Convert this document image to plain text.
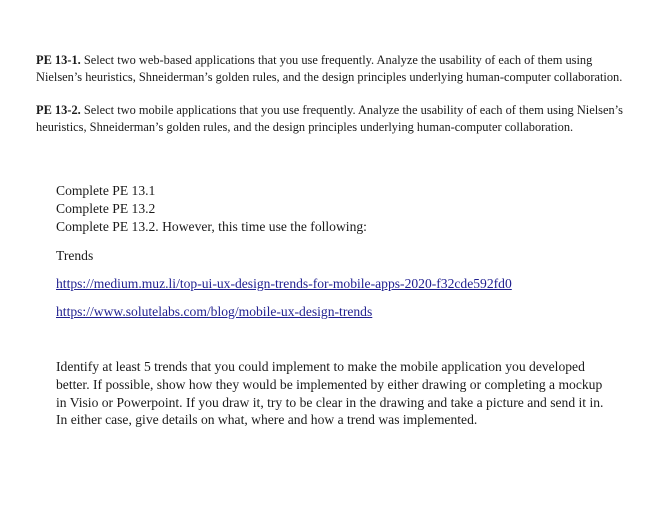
PE 13-1. Select two web-based applications that you use frequently. Analyze the usability of each of them using Nielsen’s heuristics, Shneiderman’s golden rules, and the design principles underlying human-computer collaboration.

PE 13-2. Select two mobile applications that you use frequently. Analyze the usability of each of them using Nielsen’s heuristics, Shneiderman’s golden rules, and the design principles underlying human-computer collaboration.

Complete PE 13.1
Complete PE 13.2
Complete PE 13.2. However, this time use the following:
Trends
https://medium.muz.li/top-ui-ux-design-trends-for-mobile-apps-2020-f32cde592fd0
https://www.solutelabs.com/blog/mobile-ux-design-trends

Identify at least 5 trends that you could implement to make the mobile application you developed better. If possible, show how they would be implemented by either drawing or completing a mockup in Visio or Powerpoint. If you draw it, try to be clear in the drawing and take a picture and send it in. In either case, give details on what, where and how a trend was implemented.
